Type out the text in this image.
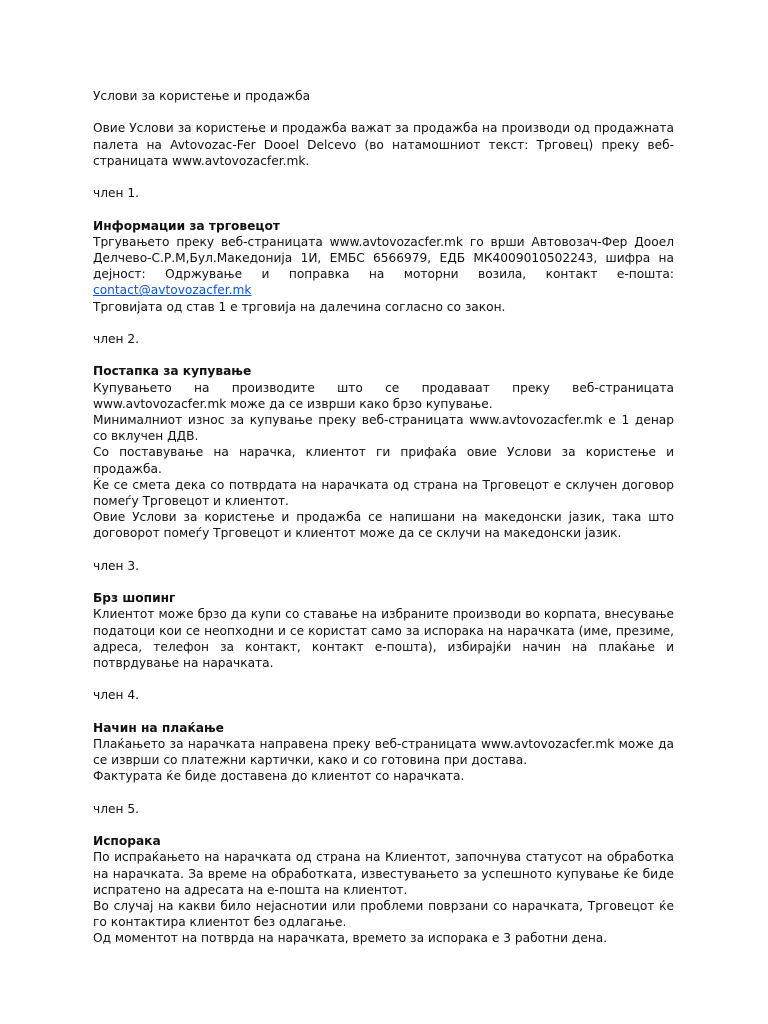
Услови за користење и продажба

Овие Услови за користење и продажба важат за продажба на производи од продажната палета на Avtovozac-Fer Dooel Delcevo (во натамошниот текст: Трговец) преку веб-страницата www.avtovozacfer.mk.

член 1.

Информации за трговецот

Тргувањето преку веб-страницата www.avtovozacfer.mk го врши Автовозач-Фер Дооел Делчево-С.Р.М,Бул.Македонија 1И, ЕМБС 6566979, ЕДБ МК4009010502243, шифра на дејност: Одржување и поправка на моторни возила, контакт е-пошта: contact@avtovozacfer.mk

Трговијата од став 1 е трговија на далечина согласно со закон.

член 2.

Постапка за купување

Купувањето на производите што се продаваат преку веб-страницата www.avtovozacfer.mk може да се изврши како брзо купување.

Минималниот износ за купување преку веб-страницата www.avtovozacfer.mk е 1 денар со вклучен ДДВ.

Со поставување на нарачка, клиентот ги прифаќа овие Услови за користење и продажба.

Ќе се смета дека со потврдата на нарачката од страна на Трговецот е склучен договор помеѓу Трговецот и клиентот.

Овие Услови за користење и продажба се напишани на македонски јазик, така што договорот помеѓу Трговецот и клиентот може да се склучи на македонски јазик.

член 3.

Брз шопинг

Клиентот може брзо да купи со ставање на избраните производи во корпата, внесување податоци кои се неопходни и се користат само за испорака на нарачката (име, презиме, адреса, телефон за контакт, контакт е-пошта), избирајќи начин на плаќање и потврдување на нарачката.

член 4.

Начин на плаќање

Плаќањето за нарачката направена преку веб-страницата www.avtovozacfer.mk може да се изврши со платежни картички, како и со готовина при достава.

Фактурата ќе биде доставена до клиентот со нарачката.

член 5.

Испорака

По испраќањето на нарачката од страна на Клиентот, започнува статусот на обработка на нарачката. За време на обработката, известувањето за успешното купување ќе биде испратено на адресата на е-пошта на клиентот.

Во случај на какви било нејаснотии или проблеми поврзани со нарачката, Трговецот ќе го контактира клиентот без одлагање.

Од моментот на потврда на нарачката, времето за испорака е 3 работни дена.
